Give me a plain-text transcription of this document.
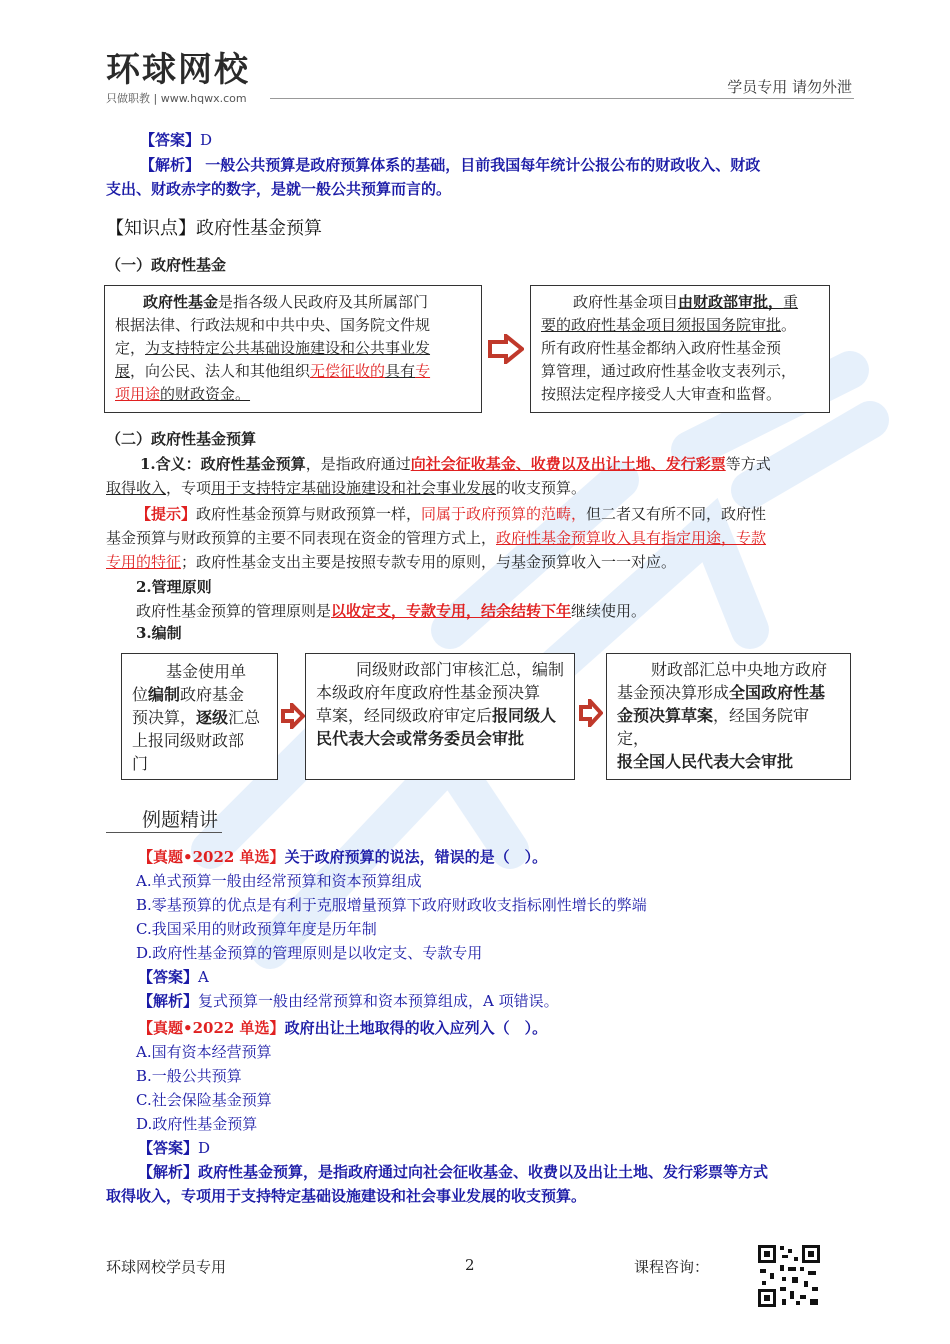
环球网校
只做职教 | www.hqwx.com
学员专用 请勿外泄
【答案】D
【解析】 一般公共预算是政府预算体系的基础，目前我国每年统计公报公布的财政收入、财政
支出、财政赤字的数字，是就一般公共预算而言的。
【知识点】政府性基金预算
（一）政府性基金
政府性基金是指各级人民政府及其所属部门
根据法律、行政法规和中共中央、国务院文件规
定，为支持特定公共基础设施建设和公共事业发
展，向公民、法人和其他组织无偿征收的具有专
项用途的财政资金。
政府性基金项目由财政部审批，重
要的政府性基金项目须报国务院审批。
所有政府性基金都纳入政府性基金预
算管理，通过政府性基金收支表列示，
按照法定程序接受人大审查和监督。
（二）政府性基金预算
1.含义：政府性基金预算，是指政府通过向社会征收基金、收费以及出让土地、发行彩票等方式
取得收入，专项用于支持特定基础设施建设和社会事业发展的收支预算。
【提示】政府性基金预算与财政预算一样，同属于政府预算的范畴，但二者又有所不同，政府性
基金预算与财政预算的主要不同表现在资金的管理方式上，政府性基金预算收入具有指定用途，专款
专用的特征；政府性基金支出主要是按照专款专用的原则，与基金预算收入一一对应。
2.管理原则
政府性基金预算的管理原则是以收定支，专款专用，结余结转下年继续使用。
3.编制
基金使用单
位编制政府基金
预决算，逐级汇总
上报同级财政部
门
同级财政部门审核汇总，编制
本级政府年度政府性基金预决算
草案，经同级政府审定后报同级人
民代表大会或常务委员会审批
财政部汇总中央地方政府
基金预决算形成全国政府性基
金预决算草案，经国务院审定，
报全国人民代表大会审批
例题精讲
【真题•2022 单选】关于政府预算的说法，错误的是（　）。
A.单式预算一般由经常预算和资本预算组成
B.零基预算的优点是有利于克服增量预算下政府财政收支指标刚性增长的弊端
C.我国采用的财政预算年度是历年制
D.政府性基金预算的管理原则是以收定支、专款专用
【答案】A
【解析】复式预算一般由经常预算和资本预算组成，A 项错误。
【真题•2022 单选】政府出让土地取得的收入应列入（　）。
A.国有资本经营预算
B.一般公共预算
C.社会保险基金预算
D.政府性基金预算
【答案】D
【解析】政府性基金预算，是指政府通过向社会征收基金、收费以及出让土地、发行彩票等方式
取得收入，专项用于支持特定基础设施建设和社会事业发展的收支预算。
环球网校学员专用	2	课程咨询：
